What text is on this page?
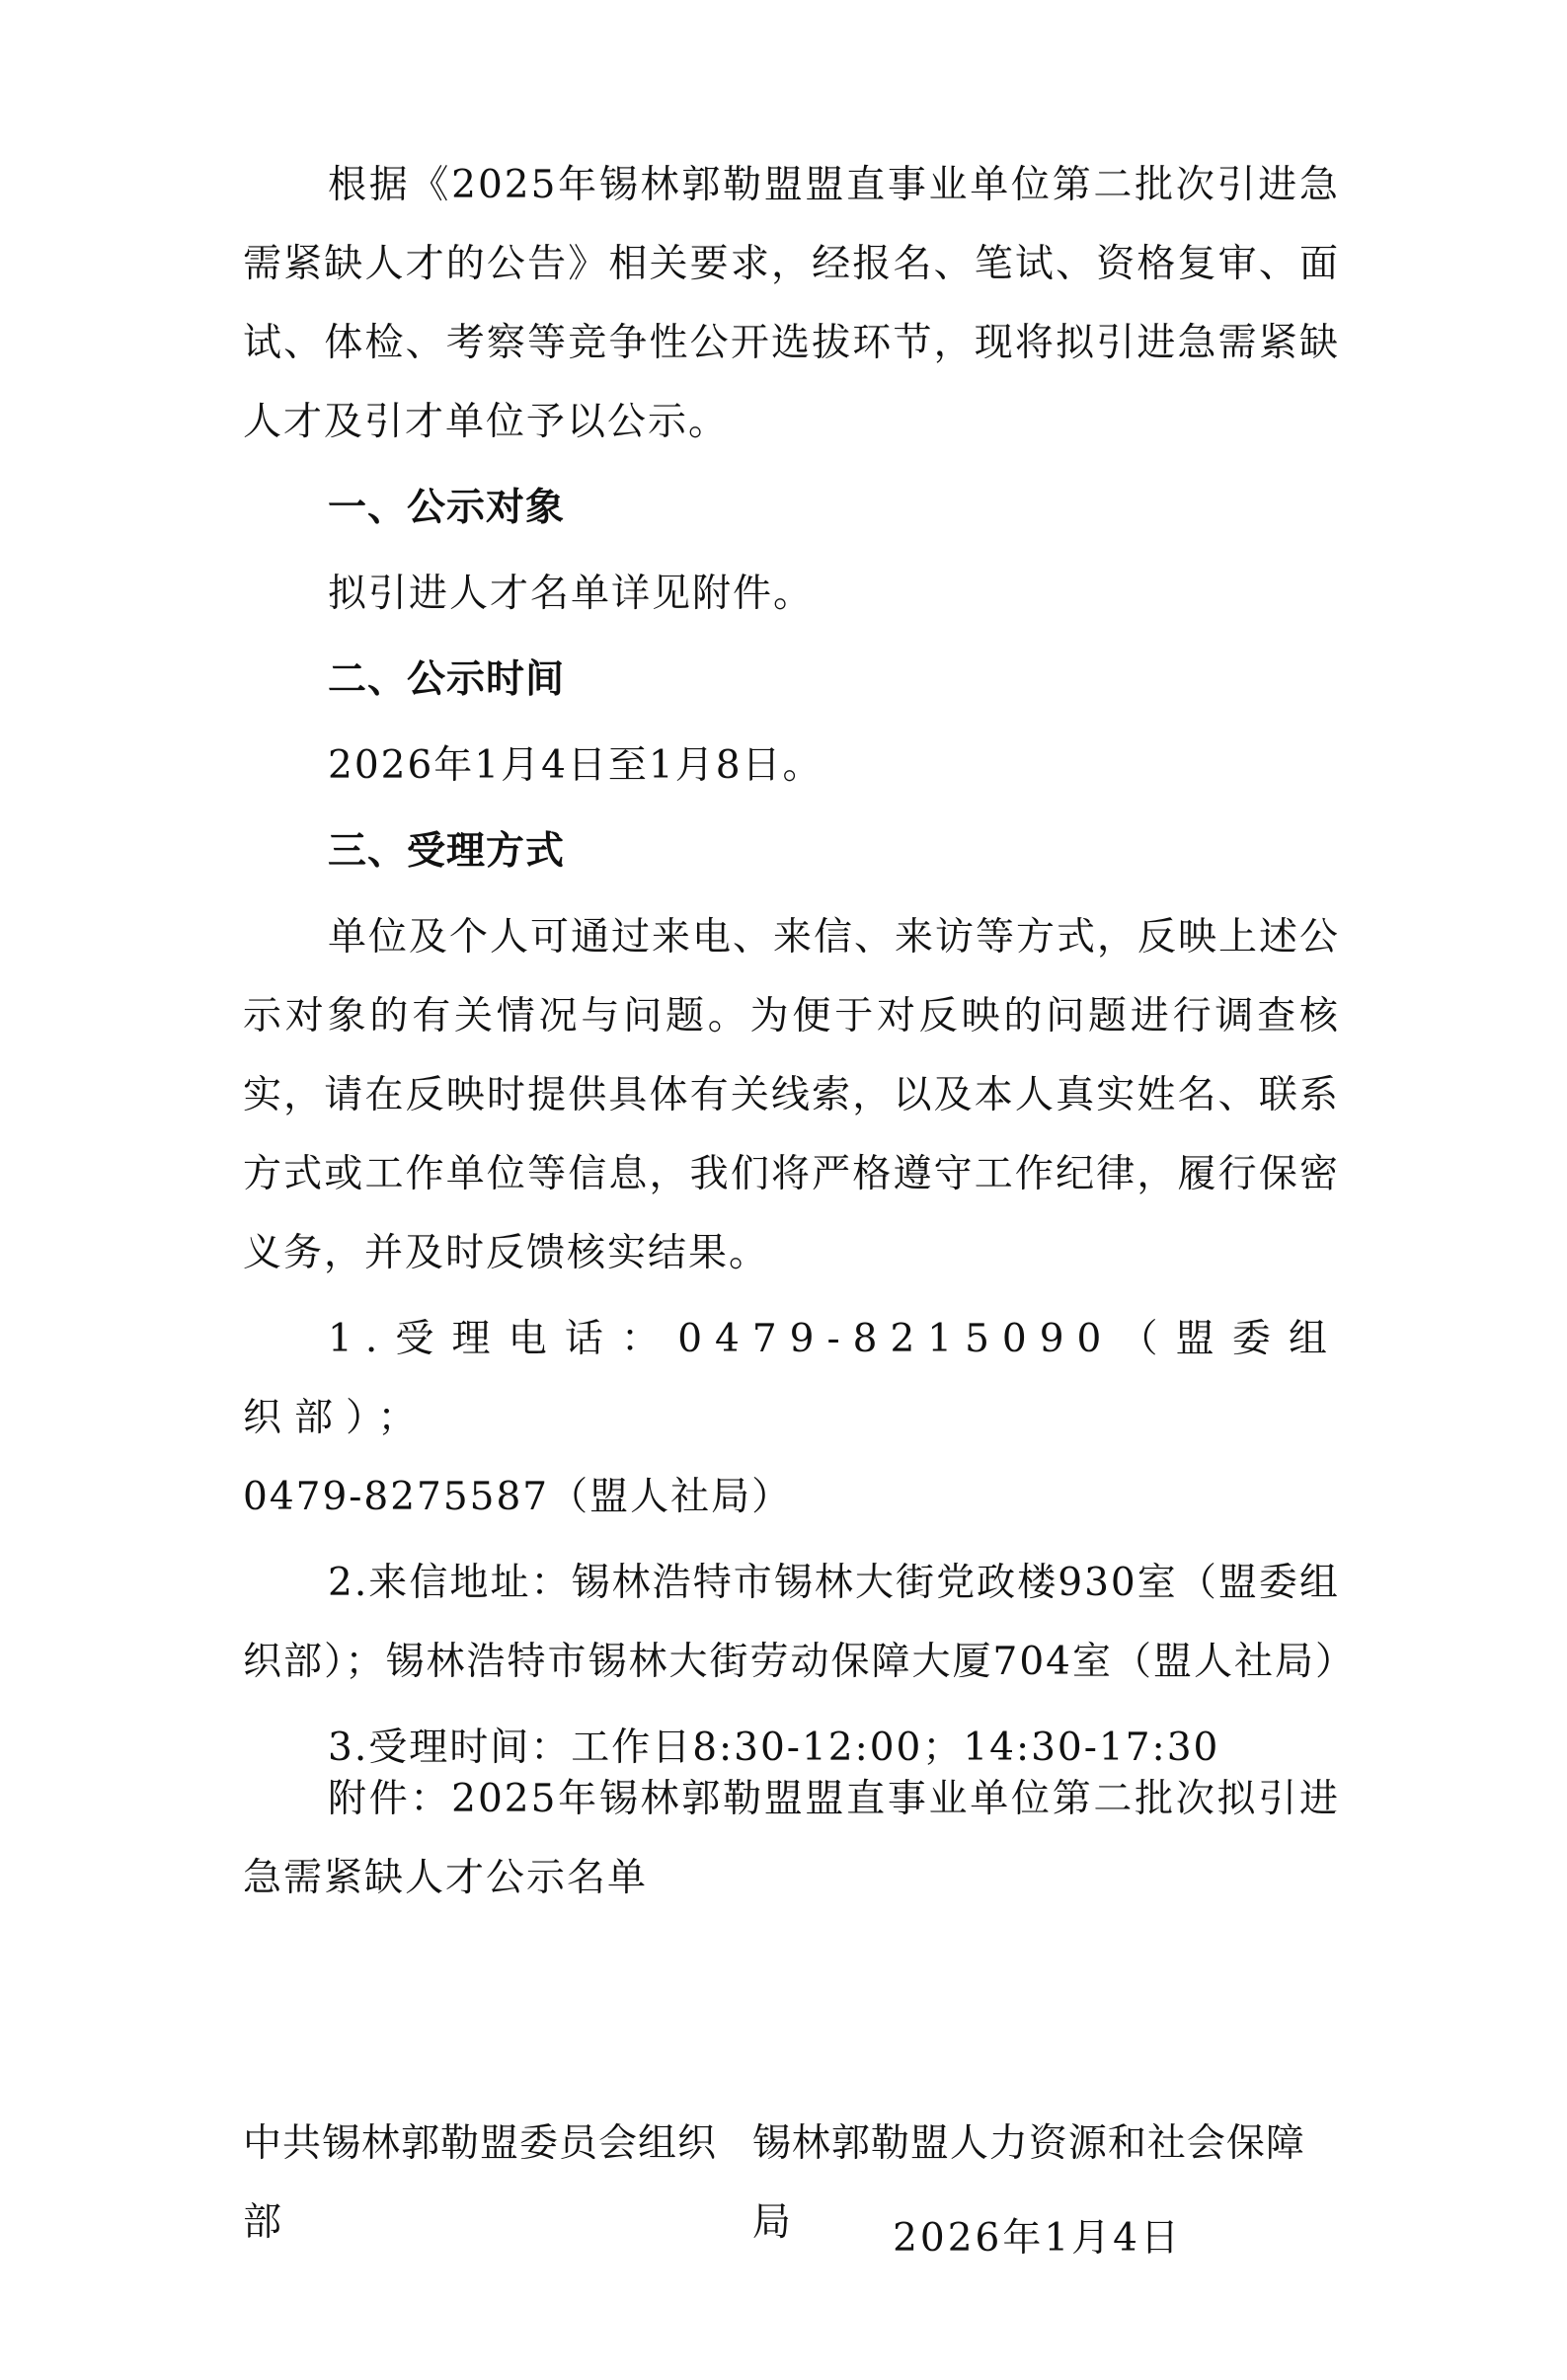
根据《2025年锡林郭勒盟盟直事业单位第二批次引进急需紧缺人才的公告》相关要求，经报名、笔试、资格复审、面试、体检、考察等竞争性公开选拔环节，现将拟引进急需紧缺人才及引才单位予以公示。

一、公示对象

拟引进人才名单详见附件。

二、公示时间

2026年1月4日至1月8日。

三、受理方式

单位及个人可通过来电、来信、来访等方式，反映上述公示对象的有关情况与问题。为便于对反映的问题进行调查核实，请在反映时提供具体有关线索，以及本人真实姓名、联系方式或工作单位等信息，我们将严格遵守工作纪律，履行保密义务，并及时反馈核实结果。

1.受理电话：0479-8215090（盟委组织部）；
0479-8275587（盟人社局）

2.来信地址：锡林浩特市锡林大街党政楼930室（盟委组织部）；锡林浩特市锡林大街劳动保障大厦704室（盟人社局）

3.受理时间：工作日8:30-12:00；14:30-17:30

附件：2025年锡林郭勒盟盟直事业单位第二批次拟引进急需紧缺人才公示名单

中共锡林郭勒盟委员会组织部
锡林郭勒盟人力资源和社会保障局	2026年1月4日
